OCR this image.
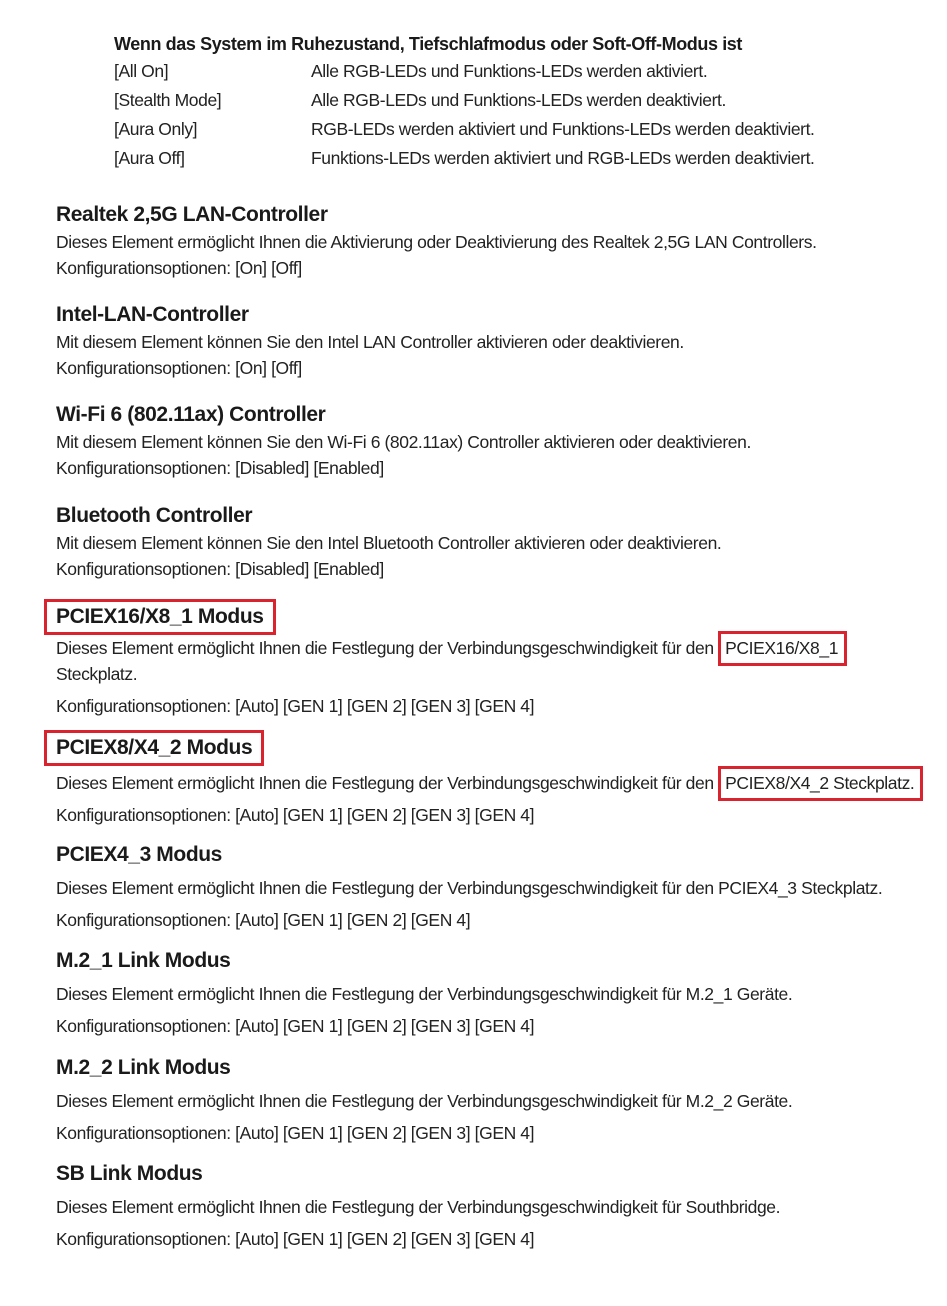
Wenn das System im Ruhezustand, Tiefschlafmodus oder Soft-Off-Modus ist
[All On]	Alle RGB-LEDs und Funktions-LEDs werden aktiviert.
[Stealth Mode]	Alle RGB-LEDs und Funktions-LEDs werden deaktiviert.
[Aura Only]	RGB-LEDs werden aktiviert und Funktions-LEDs werden deaktiviert.
[Aura Off]	Funktions-LEDs werden aktiviert und RGB-LEDs werden deaktiviert.
Realtek 2,5G LAN-Controller
Dieses Element ermöglicht Ihnen die Aktivierung oder Deaktivierung des Realtek 2,5G LAN Controllers.
Konfigurationsoptionen: [On] [Off]
Intel-LAN-Controller
Mit diesem Element können Sie den Intel LAN Controller aktivieren oder deaktivieren.
Konfigurationsoptionen: [On] [Off]
Wi-Fi 6 (802.11ax) Controller
Mit diesem Element können Sie den Wi-Fi 6 (802.11ax) Controller aktivieren oder deaktivieren.
Konfigurationsoptionen: [Disabled] [Enabled]
Bluetooth Controller
Mit diesem Element können Sie den Intel Bluetooth Controller aktivieren oder deaktivieren.
Konfigurationsoptionen: [Disabled] [Enabled]
PCIEX16/X8_1 Modus
Dieses Element ermöglicht Ihnen die Festlegung der Verbindungsgeschwindigkeit für den PCIEX16/X8_1
Steckplatz.
Konfigurationsoptionen: [Auto] [GEN 1] [GEN 2] [GEN 3] [GEN 4]
PCIEX8/X4_2 Modus
Dieses Element ermöglicht Ihnen die Festlegung der Verbindungsgeschwindigkeit für den PCIEX8/X4_2 Steckplatz.
Konfigurationsoptionen: [Auto] [GEN 1] [GEN 2] [GEN 3] [GEN 4]
PCIEX4_3 Modus
Dieses Element ermöglicht Ihnen die Festlegung der Verbindungsgeschwindigkeit für den PCIEX4_3 Steckplatz.
Konfigurationsoptionen: [Auto] [GEN 1] [GEN 2] [GEN 4]
M.2_1 Link Modus
Dieses Element ermöglicht Ihnen die Festlegung der Verbindungsgeschwindigkeit für M.2_1 Geräte.
Konfigurationsoptionen: [Auto] [GEN 1] [GEN 2] [GEN 3] [GEN 4]
M.2_2 Link Modus
Dieses Element ermöglicht Ihnen die Festlegung der Verbindungsgeschwindigkeit für M.2_2 Geräte.
Konfigurationsoptionen: [Auto] [GEN 1] [GEN 2] [GEN 3] [GEN 4]
SB Link Modus
Dieses Element ermöglicht Ihnen die Festlegung der Verbindungsgeschwindigkeit für Southbridge.
Konfigurationsoptionen: [Auto] [GEN 1] [GEN 2] [GEN 3] [GEN 4]
